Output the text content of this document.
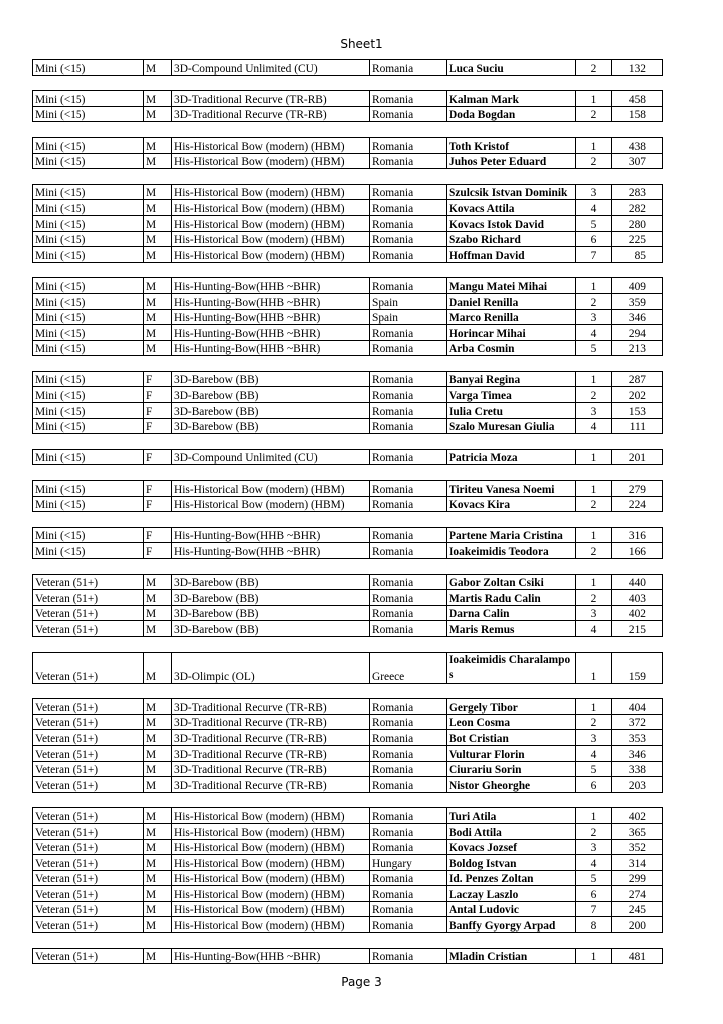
Sheet1
Mini (<15)	M	3D-Compound Unlimited (CU)	Romania	Luca Suciu	2	132

Mini (<15)	M	3D-Traditional Recurve (TR-RB)	Romania	Kalman Mark	1	458
Mini (<15)	M	3D-Traditional Recurve (TR-RB)	Romania	Doda Bogdan	2	158

Mini (<15)	M	His-Historical Bow (modern) (HBM)	Romania	Toth Kristof	1	438
Mini (<15)	M	His-Historical Bow (modern) (HBM)	Romania	Juhos Peter Eduard	2	307

Mini (<15)	M	His-Historical Bow (modern) (HBM)	Romania	Szulcsik Istvan Dominik	3	283
Mini (<15)	M	His-Historical Bow (modern) (HBM)	Romania	Kovacs Attila	4	282
Mini (<15)	M	His-Historical Bow (modern) (HBM)	Romania	Kovacs Istok David	5	280
Mini (<15)	M	His-Historical Bow (modern) (HBM)	Romania	Szabo Richard	6	225
Mini (<15)	M	His-Historical Bow (modern) (HBM)	Romania	Hoffman David	7	85

Mini (<15)	M	His-Hunting-Bow(HHB ~BHR)	Romania	Mangu Matei Mihai	1	409
Mini (<15)	M	His-Hunting-Bow(HHB ~BHR)	Spain	Daniel Renilla	2	359
Mini (<15)	M	His-Hunting-Bow(HHB ~BHR)	Spain	Marco Renilla	3	346
Mini (<15)	M	His-Hunting-Bow(HHB ~BHR)	Romania	Horincar Mihai	4	294
Mini (<15)	M	His-Hunting-Bow(HHB ~BHR)	Romania	Arba Cosmin	5	213

Mini (<15)	F	3D-Barebow (BB)	Romania	Banyai Regina	1	287
Mini (<15)	F	3D-Barebow (BB)	Romania	Varga Timea	2	202
Mini (<15)	F	3D-Barebow (BB)	Romania	Iulia Cretu	3	153
Mini (<15)	F	3D-Barebow (BB)	Romania	Szalo Muresan Giulia	4	111

Mini (<15)	F	3D-Compound Unlimited (CU)	Romania	Patricia Moza	1	201

Mini (<15)	F	His-Historical Bow (modern) (HBM)	Romania	Tiriteu Vanesa Noemi	1	279
Mini (<15)	F	His-Historical Bow (modern) (HBM)	Romania	Kovacs Kira	2	224

Mini (<15)	F	His-Hunting-Bow(HHB ~BHR)	Romania	Partene Maria Cristina	1	316
Mini (<15)	F	His-Hunting-Bow(HHB ~BHR)	Romania	Ioakeimidis Teodora	2	166

Veteran (51+)	M	3D-Barebow (BB)	Romania	Gabor Zoltan Csiki	1	440
Veteran (51+)	M	3D-Barebow (BB)	Romania	Martis Radu Calin	2	403
Veteran (51+)	M	3D-Barebow (BB)	Romania	Darna Calin	3	402
Veteran (51+)	M	3D-Barebow (BB)	Romania	Maris Remus	4	215

Veteran (51+)	M	3D-Olimpic (OL)	Greece	Ioakeimidis Charalampos	1	159

Veteran (51+)	M	3D-Traditional Recurve (TR-RB)	Romania	Gergely Tibor	1	404
Veteran (51+)	M	3D-Traditional Recurve (TR-RB)	Romania	Leon Cosma	2	372
Veteran (51+)	M	3D-Traditional Recurve (TR-RB)	Romania	Bot Cristian	3	353
Veteran (51+)	M	3D-Traditional Recurve (TR-RB)	Romania	Vulturar Florin	4	346
Veteran (51+)	M	3D-Traditional Recurve (TR-RB)	Romania	Ciurariu Sorin	5	338
Veteran (51+)	M	3D-Traditional Recurve (TR-RB)	Romania	Nistor Gheorghe	6	203

Veteran (51+)	M	His-Historical Bow (modern) (HBM)	Romania	Turi Atila	1	402
Veteran (51+)	M	His-Historical Bow (modern) (HBM)	Romania	Bodi Attila	2	365
Veteran (51+)	M	His-Historical Bow (modern) (HBM)	Romania	Kovacs Jozsef	3	352
Veteran (51+)	M	His-Historical Bow (modern) (HBM)	Hungary	Boldog Istvan	4	314
Veteran (51+)	M	His-Historical Bow (modern) (HBM)	Romania	Id. Penzes Zoltan	5	299
Veteran (51+)	M	His-Historical Bow (modern) (HBM)	Romania	Laczay Laszlo	6	274
Veteran (51+)	M	His-Historical Bow (modern) (HBM)	Romania	Antal Ludovic	7	245
Veteran (51+)	M	His-Historical Bow (modern) (HBM)	Romania	Banffy Gyorgy Arpad	8	200

Veteran (51+)	M	His-Hunting-Bow(HHB ~BHR)	Romania	Mladin Cristian	1	481
Page 3
